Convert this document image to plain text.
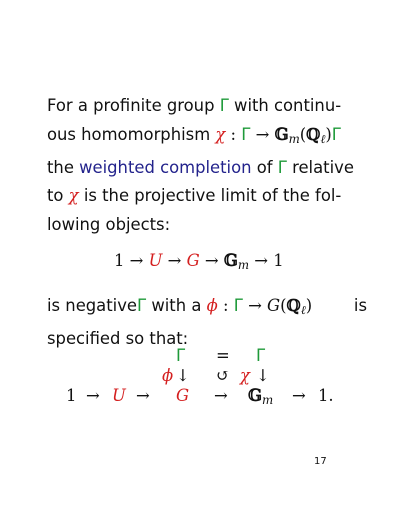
For a profinite group Γ with continu-
ous homomorphism χ : Γ → 𝔾$_m$(ℚ$_\ell$)Γ
the weighted completion of Γ relative
to χ is the projective limit of the fol-
lowing objects:
1 → U → G → 𝔾$_m$ → 1
is negativeΓ with a ϕ : Γ → G(ℚ$_\ell$)	is
specified so that:
Γ = Γ
ϕ ↓ ↺ χ ↓
1 → U → G → 𝔾$_m$ → 1.
17
